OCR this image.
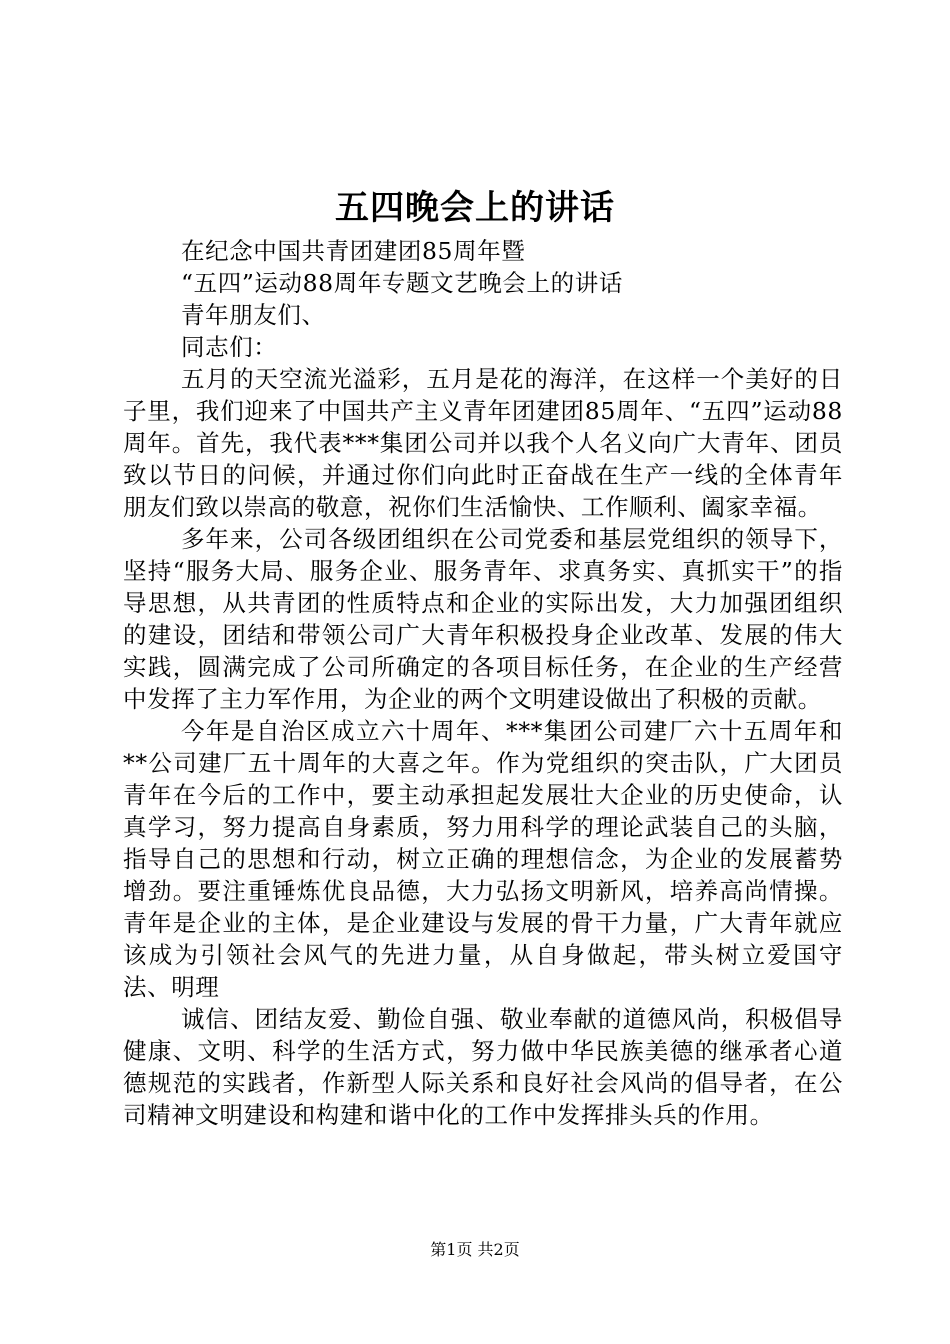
五四晚会上的讲话

在纪念中国共青团建团85周年暨

“五四”运动88周年专题文艺晚会上的讲话

青年朋友们、

同志们：

五月的天空流光溢彩，五月是花的海洋，在这样一个美好的日子里，我们迎来了中国共产主义青年团建团85周年、“五四”运动88周年。首先，我代表***集团公司并以我个人名义向广大青年、团员致以节日的问候，并通过你们向此时正奋战在生产一线的全体青年朋友们致以崇高的敬意，祝你们生活愉快、工作顺利、阖家幸福。

多年来，公司各级团组织在公司党委和基层党组织的领导下，坚持“服务大局、服务企业、服务青年、求真务实、真抓实干”的指导思想，从共青团的性质特点和企业的实际出发，大力加强团组织的建设，团结和带领公司广大青年积极投身企业改革、发展的伟大实践，圆满完成了公司所确定的各项目标任务，在企业的生产经营中发挥了主力军作用，为企业的两个文明建设做出了积极的贡献。

今年是自治区成立六十周年、***集团公司建厂六十五周年和**公司建厂五十周年的大喜之年。作为党组织的突击队，广大团员青年在今后的工作中，要主动承担起发展壮大企业的历史使命，认真学习，努力提高自身素质，努力用科学的理论武装自己的头脑，指导自己的思想和行动，树立正确的理想信念，为企业的发展蓄势增劲。要注重锤炼优良品德，大力弘扬文明新风，培养高尚情操。青年是企业的主体，是企业建设与发展的骨干力量，广大青年就应该成为引领社会风气的先进力量，从自身做起，带头树立爱国守法、明理

诚信、团结友爱、勤俭自强、敬业奉献的道德风尚，积极倡导健康、文明、科学的生活方式，努力做中华民族美德的继承者心道德规范的实践者，作新型人际关系和良好社会风尚的倡导者，在公司精神文明建设和构建和谐中化的工作中发挥排头兵的作用。

第1页 共2页
